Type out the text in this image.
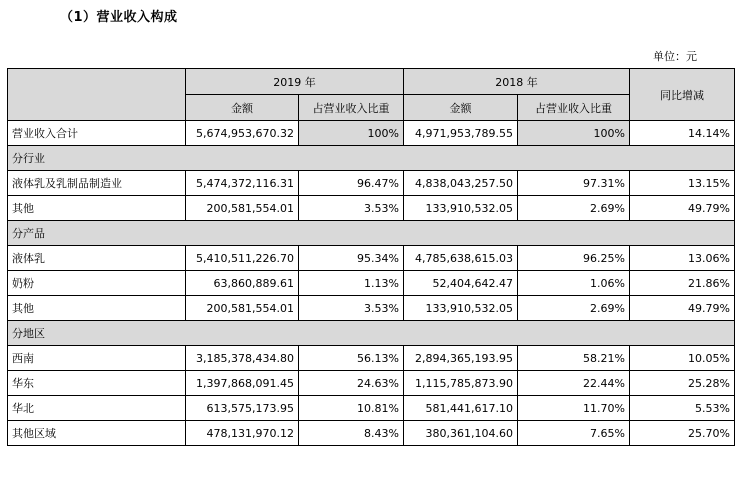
（1）营业收入构成
单位：元
	2019 年		2018 年		同比增减
	金额	占营业收入比重	金额	占营业收入比重	
营业收入合计	5,674,953,670.32	100%	4,971,953,789.55	100%	14.14%
分行业					
液体乳及乳制品制造业	5,474,372,116.31	96.47%	4,838,043,257.50	97.31%	13.15%
其他	200,581,554.01	3.53%	133,910,532.05	2.69%	49.79%
分产品					
液体乳	5,410,511,226.70	95.34%	4,785,638,615.03	96.25%	13.06%
奶粉	63,860,889.61	1.13%	52,404,642.47	1.06%	21.86%
其他	200,581,554.01	3.53%	133,910,532.05	2.69%	49.79%
分地区					
西南	3,185,378,434.80	56.13%	2,894,365,193.95	58.21%	10.05%
华东	1,397,868,091.45	24.63%	1,115,785,873.90	22.44%	25.28%
华北	613,575,173.95	10.81%	581,441,617.10	11.70%	5.53%
其他区域	478,131,970.12	8.43%	380,361,104.60	7.65%	25.70%
